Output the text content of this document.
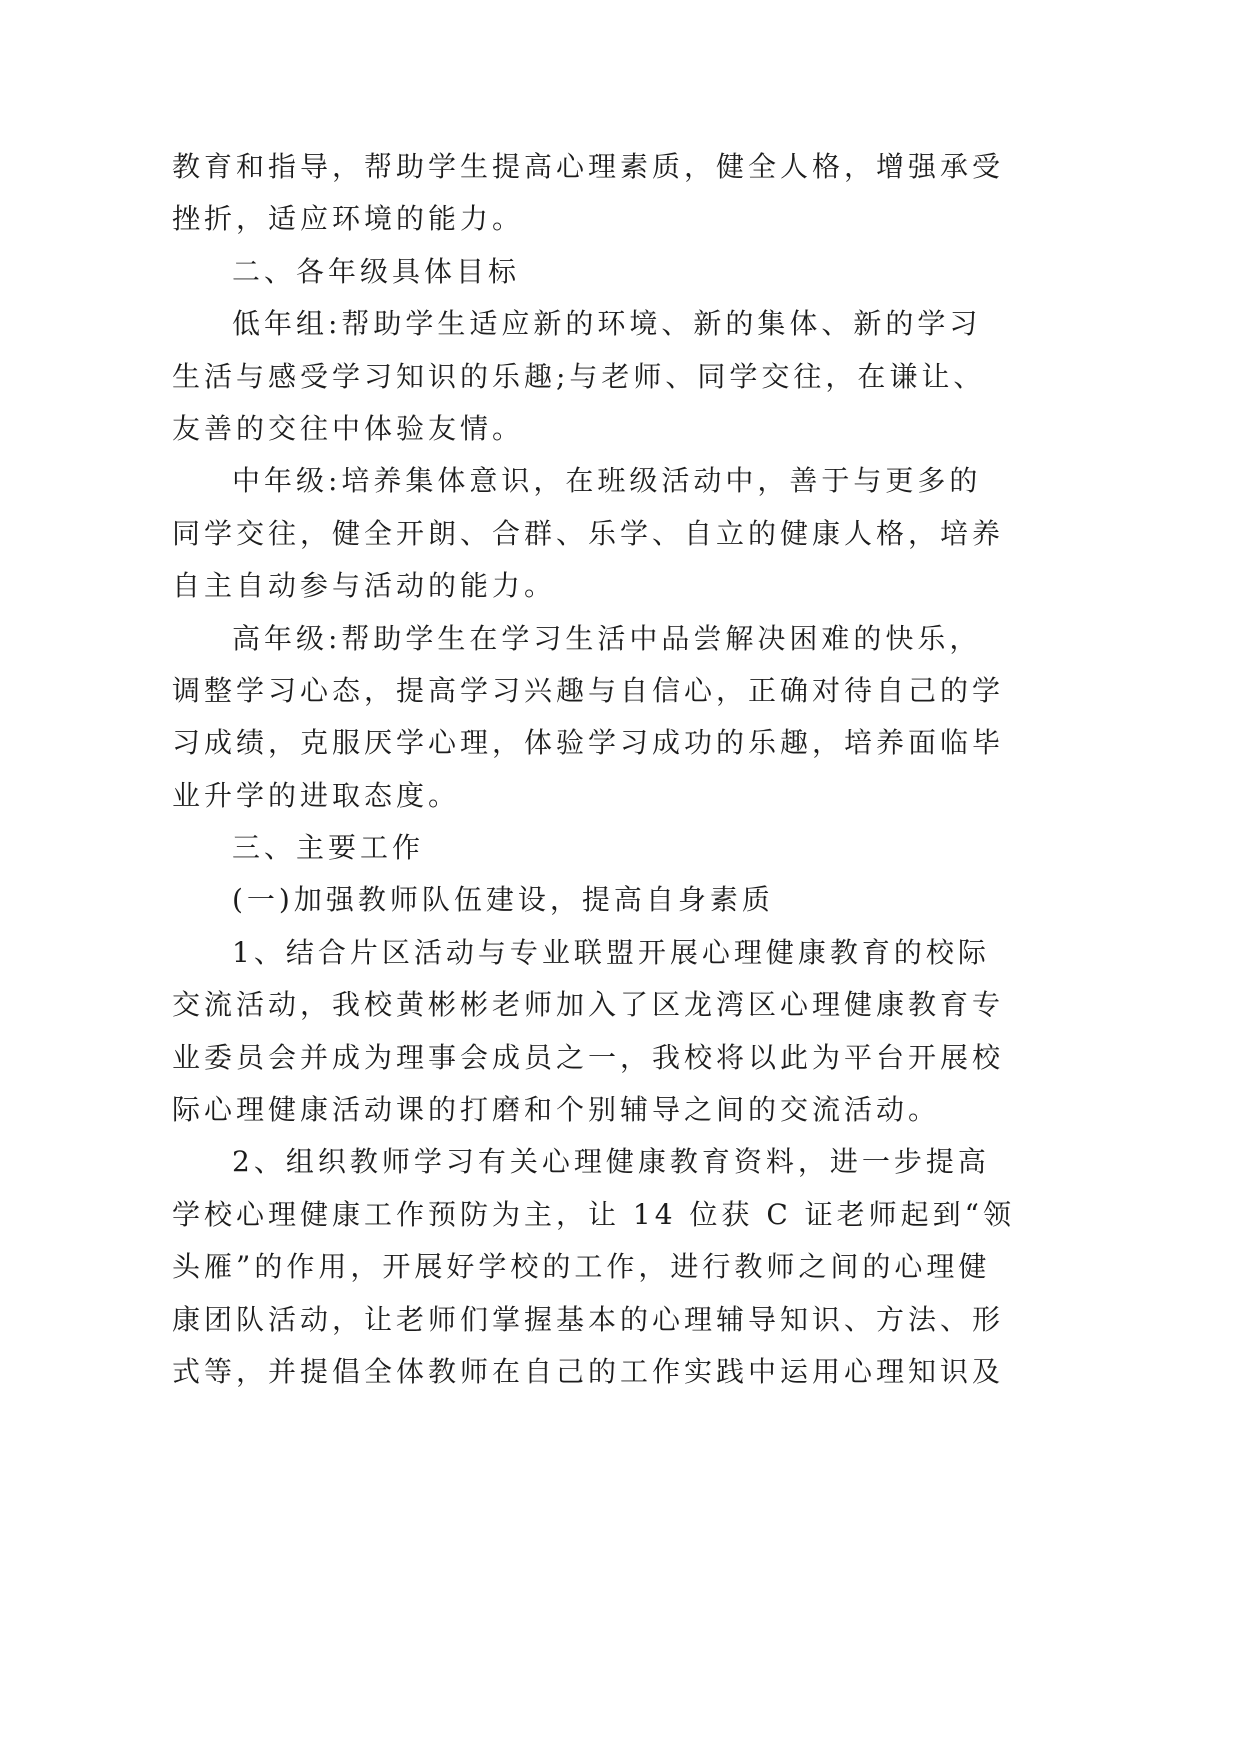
教育和指导，帮助学生提高心理素质，健全人格，增强承受
挫折，适应环境的能力。
二、各年级具体目标
低年组:帮助学生适应新的环境、新的集体、新的学习
生活与感受学习知识的乐趣;与老师、同学交往，在谦让、
友善的交往中体验友情。
中年级:培养集体意识，在班级活动中，善于与更多的
同学交往，健全开朗、合群、乐学、自立的健康人格，培养
自主自动参与活动的能力。
高年级:帮助学生在学习生活中品尝解决困难的快乐，
调整学习心态，提高学习兴趣与自信心，正确对待自己的学
习成绩，克服厌学心理，体验学习成功的乐趣，培养面临毕
业升学的进取态度。
三、主要工作
(一)加强教师队伍建设，提高自身素质
1、结合片区活动与专业联盟开展心理健康教育的校际
交流活动，我校黄彬彬老师加入了区龙湾区心理健康教育专
业委员会并成为理事会成员之一，我校将以此为平台开展校
际心理健康活动课的打磨和个别辅导之间的交流活动。
2、组织教师学习有关心理健康教育资料，进一步提高
学校心理健康工作预防为主，让 14 位获 C 证老师起到“领
头雁”的作用，开展好学校的工作，进行教师之间的心理健
康团队活动，让老师们掌握基本的心理辅导知识、方法、形
式等，并提倡全体教师在自己的工作实践中运用心理知识及
